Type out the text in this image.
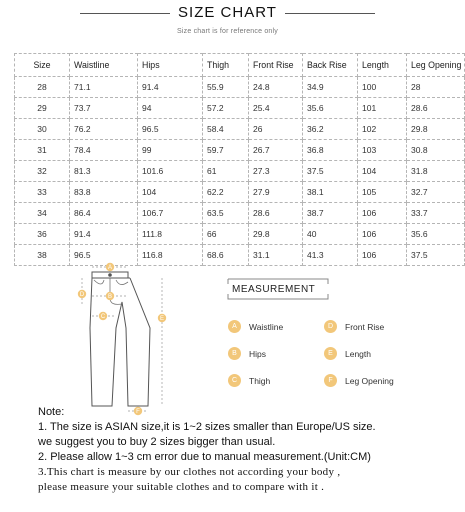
SIZE CHART
Size chart is for reference only
Size	Waistline	Hips	Thigh	Front Rise	Back Rise	Length	Leg Opening
28	71.1	91.4	55.9	24.8	34.9	100	28
29	73.7	94	57.2	25.4	35.6	101	28.6
30	76.2	96.5	58.4	26	36.2	102	29.8
31	78.4	99	59.7	26.7	36.8	103	30.8
32	81.3	101.6	61	27.3	37.5	104	31.8
33	83.8	104	62.2	27.9	38.1	105	32.7
34	86.4	106.7	63.5	28.6	38.7	106	33.7
36	91.4	111.8	66	29.8	40	106	35.6
38	96.5	116.8	68.6	31.1	41.3	106	37.5
A
B
C
D
E
F
MEASUREMENT
A	Waistline
B	Hips
C	Thigh
D	Front Rise
E	Length
F	Leg Opening
Note:
1. The size is ASIAN size,it is 1~2 sizes smaller than Europe/US size.
we suggest you to buy 2 sizes bigger than usual.
2. Please allow 1~3 cm error due to manual measurement.(Unit:CM)
3.This chart is measure by our clothes not according your body ,
please measure your suitable clothes and to compare with it .
